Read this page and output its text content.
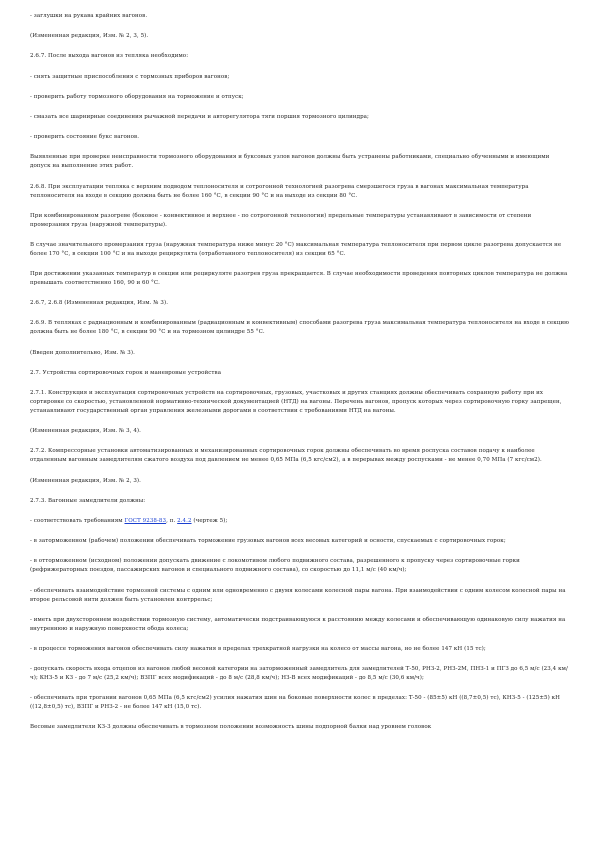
- заглушки на рукава крайних вагонов.

(Измененная редакция, Изм. № 2, 3, 5).

2.6.7. После выхода вагонов из тепляка необходимо:

- снять защитные приспособления с тормозных приборов вагонов;

- проверить работу тормозного оборудования на торможение и отпуск;

- смазать все шарнирные соединения рычажной передачи и авторегулятора тяги поршня тормозного цилиндра;

- проверить состояние букс вагонов.

Выявленные при проверке неисправности тормозного оборудования и буксовых узлов вагонов должны быть устранены работниками, специально обученными и имеющими допуск на выполнение этих работ.

2.6.8. При эксплуатации тепляка с верхним подводом теплоносителя и сотрогонной технологией разогрева смерзшегося груза в вагонах максимальная температура теплоносителя на входе в секцию должна быть не более 160 °С, в секции 90 °С и на выходе из секции 80 °С.

При комбинированном разогреве (боковое - конвективное и верхнее - по сотрогонной технологии) предельные температуры устанавливают в зависимости от степени промерзания груза (наружной температуры).

В случае значительного промерзания груза (наружная температура ниже минус 20 °С) максимальная температура теплоносителя при первом цикле разогрева допускается не более 170 °С, в секции 100 °С и на выходе рециркулята (отработанного теплоносителя) из секции 65 °С.

При достижении указанных температур в секции или рециркуляте разогрев груза прекращается. В случае необходимости проведения повторных циклов температура не должна превышать соответственно 160, 90 и 60 °С.

2.6.7, 2.6.8 (Измененная редакция, Изм. № 3).

2.6.9. В тепляках с радиационным и комбинированным (радиационным и конвективным) способами разогрева груза максимальная температура теплоносителя на входе в секцию должна быть не более 180 °С, в секции 90 °С и на тормозном цилиндре 55 °С.

(Введен дополнительно, Изм. № 3).

2.7. Устройства сортировочных горок и маневровые устройства

2.7.1. Конструкция и эксплуатация сортировочных устройств на сортировочных, грузовых, участковых и других станциях должны обеспечивать сохранную работу при их сортировке со скоростью, установленной нормативно-технической документацией (НТД) на вагоны. Перечень вагонов, пропуск которых через сортировочную горку запрещен, устанавливают государственный орган управления железными дорогами в соответствии с требованиями НТД на вагоны.

(Измененная редакция, Изм. № 3, 4).

2.7.2. Компрессорные установки автоматизированных и механизированных сортировочных горок должны обеспечивать во время роспуска составов подачу к наиболее отдаленным вагонным замедлителям сжатого воздуха под давлением не менее 0,65 МПа (6,5 кгс/см2), а в перерывах между роспусками - не менее 0,70 МПа (7 кгс/см2).

(Измененная редакция, Изм. № 2, 3).

2.7.3. Вагонные замедлители должны:

- соответствовать требованиям ГОСТ 9238-83, п. 2.4.2 (чертеж 5);

- в заторможенном (рабочем) положении обеспечивать торможение грузовых вагонов всех весовых категорий и осности, спускаемых с сортировочных горок;

- в отторможенном (исходном) положении допускать движение с локомотивом любого подвижного состава, разрешенного к пропуску через сортировочные горки (рефрижераторных поездов, пассажирских вагонов и специального подвижного состава), со скоростью до 11,1 м/с (40 км/ч);

- обеспечивать взаимодействие тормозной системы с одним или одновременно с двумя колесами колесной пары вагона. При взаимодействии с одним колесом колесной пары на второе рельсовой нити должен быть установлен контррельс;

- иметь при двухстороннем воздействии тормозную систему, автоматически подстраивающуюся к расстоянию между колесами и обеспечивающую одинаковую силу нажатия на внутреннюю и наружную поверхности обода колеса;

- в процессе торможения вагонов обеспечивать силу нажатия в пределах трехкратной нагрузки на колесо от массы вагона, но не более 147 кН (15 тс);

- допускать скорость входа отцепов из вагонов любой весовой категории на заторможенный замедлитель для замедлителей Т-50, РНЗ-2, РНЗ-2М, ПНЗ-1 и ПГЗ до 6,5 м/с (23,4 км/ч); КНЗ-5 и КЗ - до 7 м/с (25,2 км/ч); ВЗПГ всех модификаций - до 8 м/с (28,8 км/ч); НЗ-В всех модификаций - до 8,5 м/с (30,6 км/ч);

- обеспечивать при трогании вагонов 0,65 МПа (6,5 кгс/см2) усилия нажатия шин на боковые поверхности колес в пределах: Т-50 - (85±5) кН ((8,7±0,5) тс), КНЗ-5 - (125±5) кН ((12,8±0,5) тс), ВЗПГ и РНЗ-2 - не более 147 кН (15,0 тс).

Весовые замедлители КЗ-3 должны обеспечивать в тормозном положении возможность шины подпорной балки над уровнем головок
